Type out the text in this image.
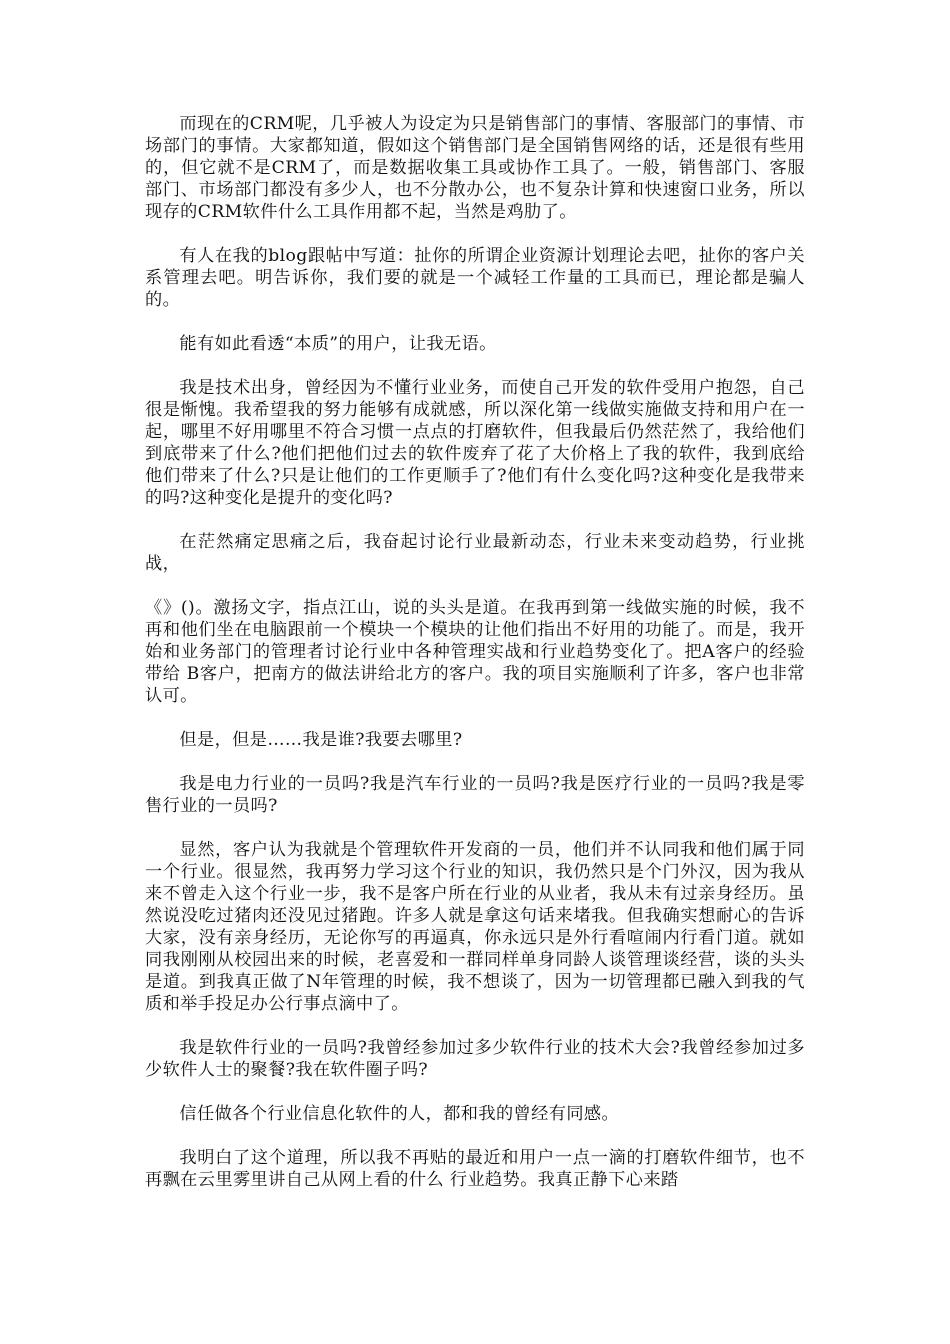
而现在的CRM呢，几乎被人为设定为只是销售部门的事情、客服部门的事情、市场部门的事情。大家都知道，假如这个销售部门是全国销售网络的话，还是很有些用的，但它就不是CRM了，而是数据收集工具或协作工具了。一般，销售部门、客服部门、市场部门都没有多少人，也不分散办公，也不复杂计算和快速窗口业务，所以现存的CRM软件什么工具作用都不起，当然是鸡肋了。

有人在我的blog跟帖中写道：扯你的所谓企业资源计划理论去吧，扯你的客户关系管理去吧。明告诉你，我们要的就是一个减轻工作量的工具而已，理论都是骗人的。

能有如此看透“本质”的用户，让我无语。

我是技术出身，曾经因为不懂行业业务，而使自己开发的软件受用户抱怨，自己很是惭愧。我希望我的努力能够有成就感，所以深化第一线做实施做支持和用户在一起，哪里不好用哪里不符合习惯一点点的打磨软件，但我最后仍然茫然了，我给他们到底带来了什么?他们把他们过去的软件废弃了花了大价格上了我的软件，我到底给他们带来了什么?只是让他们的工作更顺手了?他们有什么变化吗?这种变化是我带来的吗?这种变化是提升的变化吗?

在茫然痛定思痛之后，我奋起讨论行业最新动态，行业未来变动趋势，行业挑战，

《》()。激扬文字，指点江山，说的头头是道。在我再到第一线做实施的时候，我不再和他们坐在电脑跟前一个模块一个模块的让他们指出不好用的功能了。而是，我开始和业务部门的管理者讨论行业中各种管理实战和行业趋势变化了。把A客户的经验带给 B客户，把南方的做法讲给北方的客户。我的项目实施顺利了许多，客户也非常认可。

但是，但是……我是谁?我要去哪里?

我是电力行业的一员吗?我是汽车行业的一员吗?我是医疗行业的一员吗?我是零售行业的一员吗?

显然，客户认为我就是个管理软件开发商的一员，他们并不认同我和他们属于同一个行业。很显然，我再努力学习这个行业的知识，我仍然只是个门外汉，因为我从来不曾走入这个行业一步，我不是客户所在行业的从业者，我从未有过亲身经历。虽然说没吃过猪肉还没见过猪跑。许多人就是拿这句话来堵我。但我确实想耐心的告诉大家，没有亲身经历，无论你写的再逼真，你永远只是外行看喧闹内行看门道。就如同我刚刚从校园出来的时候，老喜爱和一群同样单身同龄人谈管理谈经营，谈的头头是道。到我真正做了N年管理的时候，我不想谈了，因为一切管理都已融入到我的气质和举手投足办公行事点滴中了。

我是软件行业的一员吗?我曾经参加过多少软件行业的技术大会?我曾经参加过多少软件人士的聚餐?我在软件圈子吗?

信任做各个行业信息化软件的人，都和我的曾经有同感。

我明白了这个道理，所以我不再贴的最近和用户一点一滴的打磨软件细节，也不再飘在云里雾里讲自己从网上看的什么 行业趋势。我真正静下心来踏
